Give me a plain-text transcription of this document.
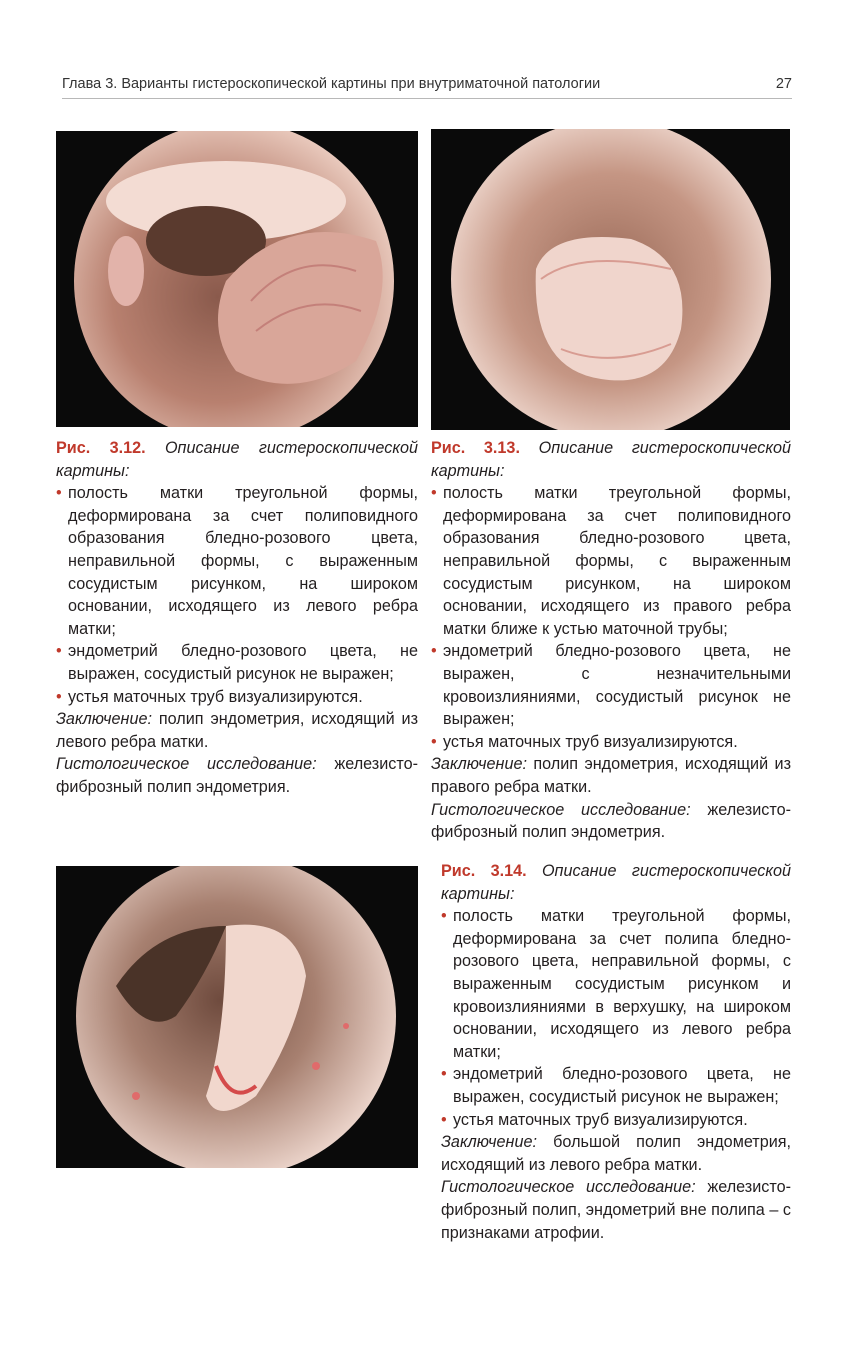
Глава 3. Варианты гистероскопической картины при внутриматочной патологии	27

Рис. 3.12. Описание гистероскопической картины:

• полость матки треугольной формы, деформирована за счет полиповидного образования бледно-розового цвета, неправильной формы, с выраженным сосудистым рисунком, на широком основании, исходящего из левого ребра матки;
• эндометрий бледно-розового цвета, не выражен, сосудистый рисунок не выражен;
• устья маточных труб визуализируются.

Заключение: полип эндометрия, исходящий из левого ребра матки.

Гистологическое исследование: железисто-фиброзный полип эндометрия.

Рис. 3.13. Описание гистероскопической картины:

• полость матки треугольной формы, деформирована за счет полиповидного образования бледно-розового цвета, неправильной формы, с выраженным сосудистым рисунком, на широком основании, исходящего из правого ребра матки ближе к устью маточной трубы;
• эндометрий бледно-розового цвета, не выражен, с незначительными кровоизлияниями, сосудистый рисунок не выражен;
• устья маточных труб визуализируются.

Заключение: полип эндометрия, исходящий из правого ребра матки.

Гистологическое исследование: железисто-фиброзный полип эндометрия.

Рис. 3.14. Описание гистероскопической картины:

• полость матки треугольной формы, деформирована за счет полипа бледно-розового цвета, неправильной формы, с выраженным сосудистым рисунком и кровоизлияниями в верхушку, на широком основании, исходящего из левого ребра матки;
• эндометрий бледно-розового цвета, не выражен, сосудистый рисунок не выражен;
• устья маточных труб визуализируются.

Заключение: большой полип эндометрия, исходящий из левого ребра матки.

Гистологическое исследование: железисто-фиброзный полип, эндометрий вне полипа – с признаками атрофии.
